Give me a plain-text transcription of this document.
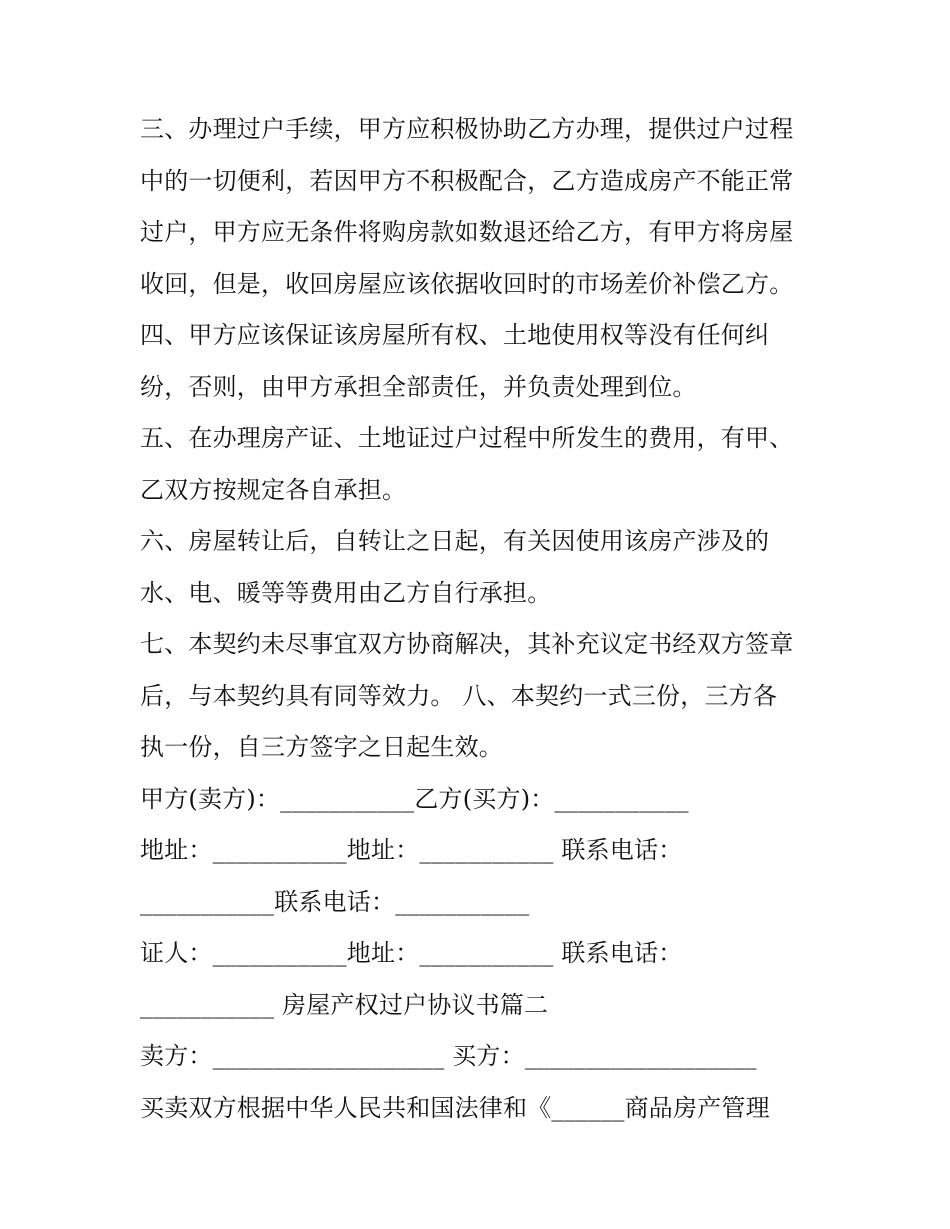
三、办理过户手续，甲方应积极协助乙方办理，提供过户过程
中的一切便利，若因甲方不积极配合，乙方造成房产不能正常
过户，甲方应无条件将购房款如数退还给乙方，有甲方将房屋
收回，但是，收回房屋应该依据收回时的市场差价补偿乙方。
四、甲方应该保证该房屋所有权、土地使用权等没有任何纠
纷，否则，由甲方承担全部责任，并负责处理到位。
五、在办理房产证、土地证过户过程中所发生的费用，有甲、
乙双方按规定各自承担。
六、房屋转让后，自转让之日起，有关因使用该房产涉及的
水、电、暖等等费用由乙方自行承担。
七、本契约未尽事宜双方协商解决，其补充议定书经双方签章
后，与本契约具有同等效力。 八、本契约一式三份，三方各
执一份，自三方签字之日起生效。
甲方(卖方)：___________乙方(买方)：___________
地址：___________地址：___________ 联系电话：
___________联系电话：___________
证人：___________地址：___________ 联系电话：
___________ 房屋产权过户协议书篇二
卖方：___________________ 买方：___________________
买卖双方根据中华人民共和国法律和《______商品房产管理
